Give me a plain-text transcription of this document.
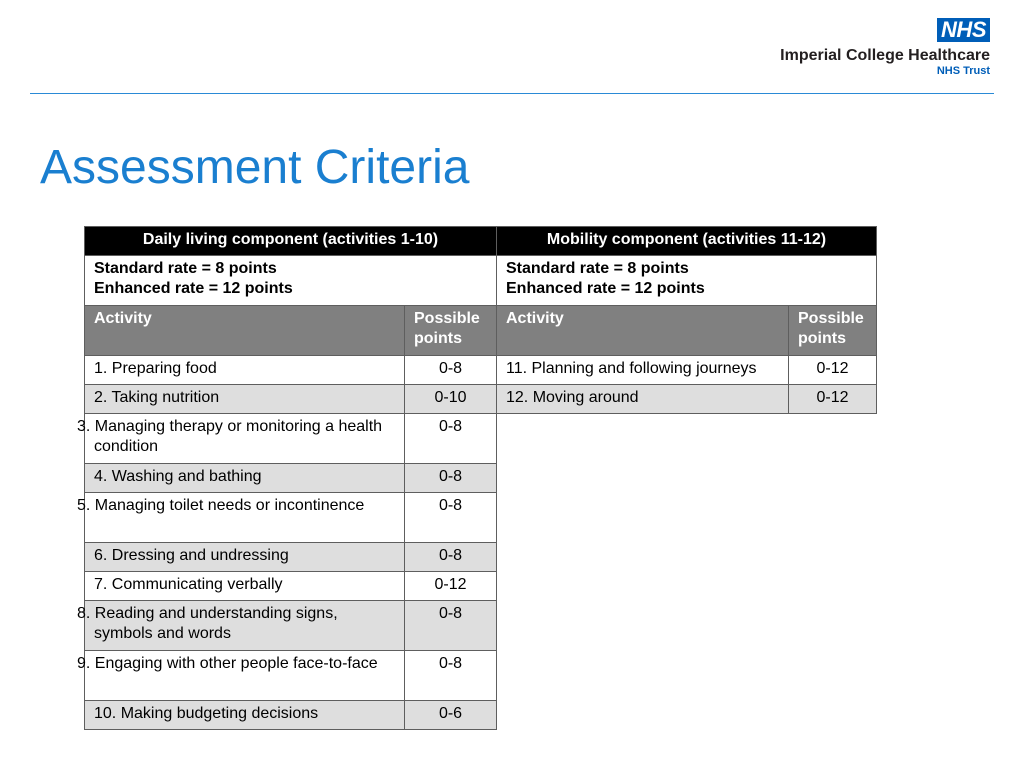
NHS
Imperial College Healthcare
NHS Trust
Assessment Criteria
Daily living component (activities 1-10)	

Standard rate = 8 points
Enhanced rate = 12 points	

Activity	Possible points
1. Preparing food	0-8
2. Taking nutrition	0-10
3. Managing therapy or monitoring a health condition	0-8
4. Washing and bathing	0-8
5. Managing toilet needs or incontinence	0-8
6. Dressing and undressing	0-8
7. Communicating verbally	0-12
8. Reading and understanding signs, symbols and words	0-8
9. Engaging with other people face-to-face	0-8
10. Making budgeting decisions	0-6
Mobility component (activities 11-12)	

Standard rate = 8 points
Enhanced rate = 12 points	

Activity	Possible points
11. Planning and following journeys	0-12
12. Moving around	0-12
